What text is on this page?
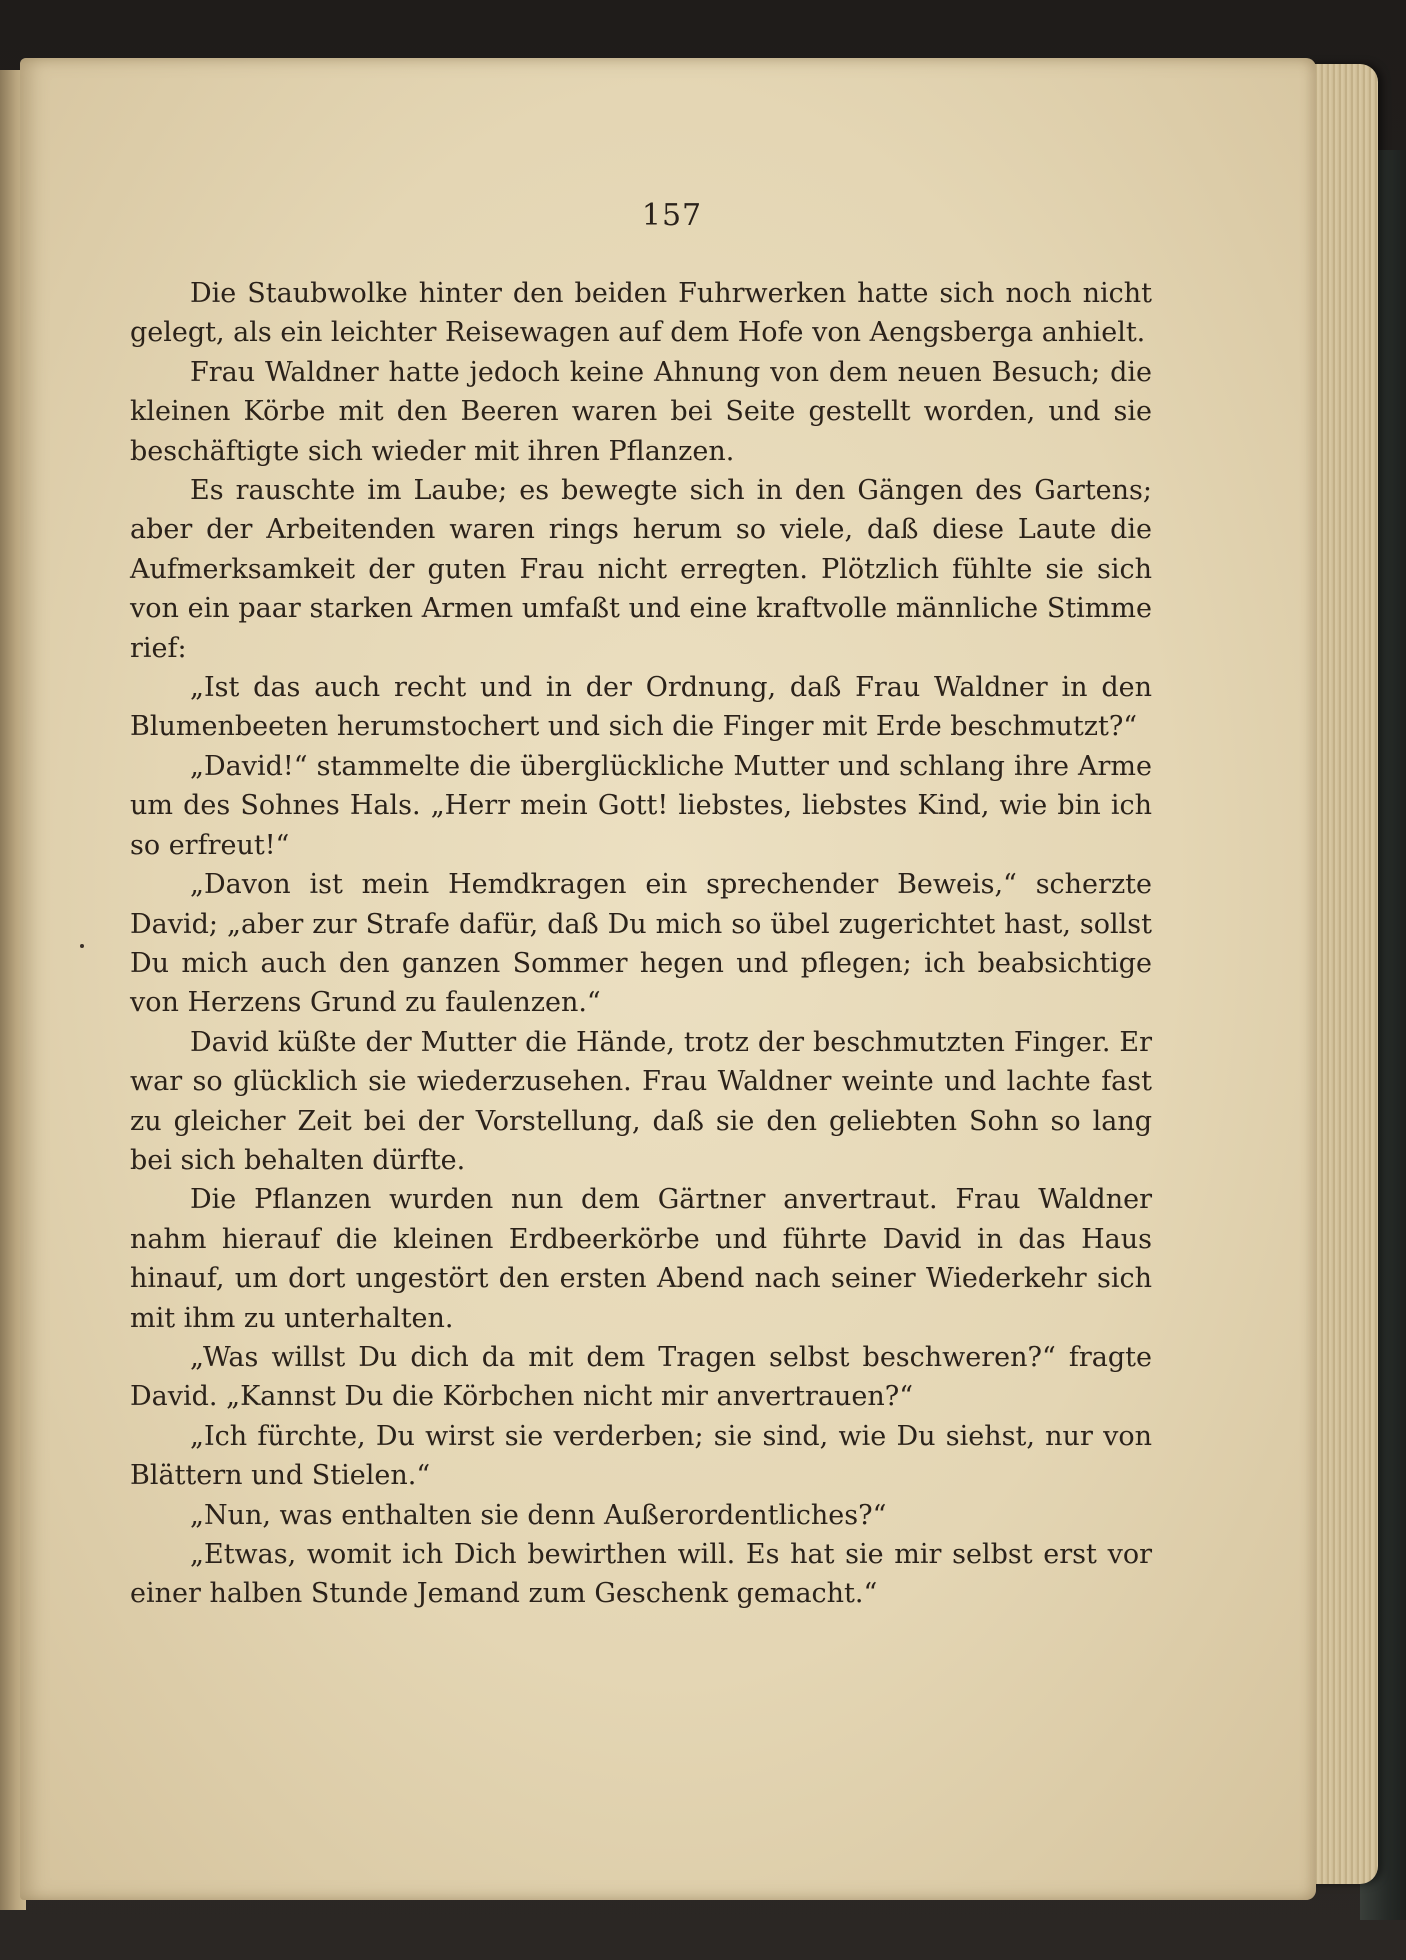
157

Die Staubwolke hinter den beiden Fuhrwerken hatte sich noch nicht gelegt, als ein leichter Reisewagen auf dem Hofe von Aengsberga anhielt.

Frau Waldner hatte jedoch keine Ahnung von dem neuen Besuch; die kleinen Körbe mit den Beeren waren bei Seite gestellt worden, und sie beschäftigte sich wieder mit ihren Pflanzen.

Es rauschte im Laube; es bewegte sich in den Gängen des Gartens; aber der Arbeitenden waren rings herum so viele, daß diese Laute die Aufmerksamkeit der guten Frau nicht erregten. Plötzlich fühlte sie sich von ein paar starken Armen umfaßt und eine kraftvolle männliche Stimme rief:

„Ist das auch recht und in der Ordnung, daß Frau Waldner in den Blumenbeeten herumstochert und sich die Finger mit Erde beschmutzt?“

„David!“ stammelte die überglückliche Mutter und schlang ihre Arme um des Sohnes Hals. „Herr mein Gott! liebstes, liebstes Kind, wie bin ich so erfreut!“

„Davon ist mein Hemdkragen ein sprechender Beweis,“ scherzte David; „aber zur Strafe dafür, daß Du mich so übel zugerichtet hast, sollst Du mich auch den ganzen Sommer hegen und pflegen; ich beabsichtige von Herzens Grund zu faulenzen.“

David küßte der Mutter die Hände, trotz der beschmutzten Finger. Er war so glücklich sie wiederzusehen. Frau Waldner weinte und lachte fast zu gleicher Zeit bei der Vorstellung, daß sie den geliebten Sohn so lang bei sich behalten dürfte.

Die Pflanzen wurden nun dem Gärtner anvertraut. Frau Waldner nahm hierauf die kleinen Erdbeerkörbe und führte David in das Haus hinauf, um dort ungestört den ersten Abend nach seiner Wiederkehr sich mit ihm zu unterhalten.

„Was willst Du dich da mit dem Tragen selbst beschweren?“ fragte David. „Kannst Du die Körbchen nicht mir anvertrauen?“

„Ich fürchte, Du wirst sie verderben; sie sind, wie Du siehst, nur von Blättern und Stielen.“

„Nun, was enthalten sie denn Außerordentliches?“

„Etwas, womit ich Dich bewirthen will. Es hat sie mir selbst erst vor einer halben Stunde Jemand zum Geschenk gemacht.“
